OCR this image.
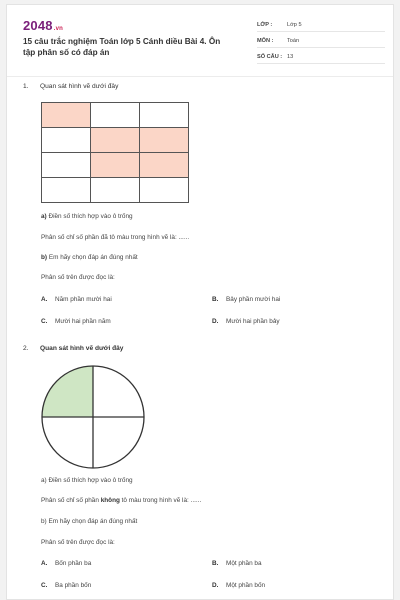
2048.vn
15 câu trắc nghiệm Toán lớp 5 Cánh diều Bài 4. Ôn tập phân số có đáp án
LỚP :	Lớp 5
MÔN : Toán
SỐ CÂU : 13
1. Quan sát hình vẽ dưới đây

a) Điền số thích hợp vào ô trống
Phân số chỉ số phần đã tô màu trong hình vẽ là: ......
b) Em hãy chọn đáp án đúng nhất
Phân số trên được đọc là:
A. Năm phần mười hai	B. Bảy phần mười hai
C. Mười hai phần năm	D. Mười hai phần bảy
2. Quan sát hình vẽ dưới đây
a) Điền số thích hợp vào ô trống
Phân số chỉ số phần không tô màu trong hình vẽ là: ......
b) Em hãy chọn đáp án đúng nhất
Phân số trên được đọc là:
A. Bốn phần ba	B. Một phần ba
C. Ba phần bốn	D. Một phần bốn
